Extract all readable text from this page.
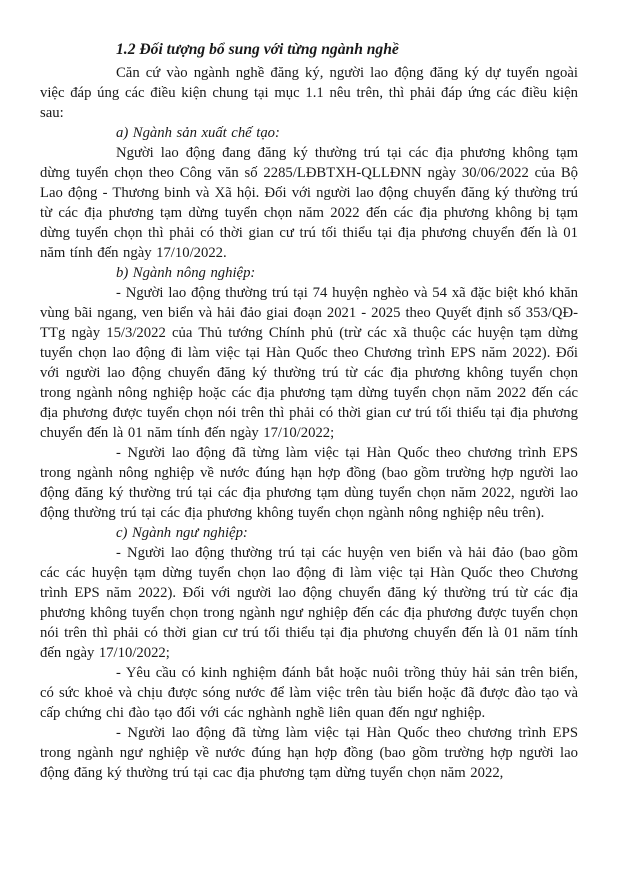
1.2 Đối tượng bổ sung với từng ngành nghề

Căn cứ vào ngành nghề đăng ký, người lao động đăng ký dự tuyển ngoài việc đáp úng các điều kiện chung tại mục 1.1 nêu trên, thì phải đáp ứng các điều kiện sau:

a) Ngành sản xuất chế tạo:

Người lao động đang đăng ký thường trú tại các địa phương không tạm dừng tuyển chọn theo Công văn số 2285/LĐBTXH-QLLĐNN ngày 30/06/2022 của Bộ Lao động - Thương binh và Xã hội. Đối với người lao động chuyển đăng ký thường trú từ các địa phương tạm dừng tuyển chọn năm 2022 đến các địa phương không bị tạm dừng tuyển chọn thì phải có thời gian cư trú tối thiểu tại địa phương chuyển đến là 01 năm tính đến ngày 17/10/2022.

b) Ngành nông nghiệp:

- Người lao động thường trú tại 74 huyện nghèo và 54 xã đặc biệt khó khăn vùng bãi ngang, ven biển và hải đảo giai đoạn 2021 - 2025 theo Quyết định số 353/QĐ-TTg ngày 15/3/2022 của Thủ tướng Chính phủ (trừ các xã thuộc các huyện tạm dừng tuyển chọn lao động đi làm việc tại Hàn Quốc theo Chương trình EPS năm 2022). Đối với người lao động chuyển đăng ký thường trú từ các địa phương không tuyển chọn trong ngành nông nghiệp hoặc các địa phương tạm dừng tuyển chọn năm 2022 đến các địa phương được tuyển chọn nói trên thì phải có thời gian cư trú tối thiểu tại địa phương chuyển đến là 01 năm tính đến ngày 17/10/2022;

- Người lao động đã từng làm việc tại Hàn Quốc theo chương trình EPS trong ngành nông nghiệp về nước đúng hạn hợp đồng (bao gồm trường hợp người lao động đăng ký thường trú tại các địa phương tạm dùng tuyển chọn năm 2022, người lao động thường trú tại các địa phương không tuyển chọn ngành nông nghiệp nêu trên).

c) Ngành ngư nghiệp:

- Người lao động thường trú tại các huyện ven biển và hải đảo (bao gồm các các huyện tạm dừng tuyển chọn lao động đi làm việc tại Hàn Quốc theo Chương trình EPS năm 2022). Đối với người lao động chuyển đăng ký thường trú từ các địa phương không tuyển chọn trong ngành ngư nghiệp đến các địa phương được tuyển chọn nói trên thì phải có thời gian cư trú tối thiểu tại địa phương chuyển đến là 01 năm tính đến ngày 17/10/2022;

- Yêu cầu có kinh nghiệm đánh bắt hoặc nuôi trồng thủy hải sản trên biển, có sức khoẻ và chịu được sóng nước để làm việc trên tàu biển hoặc đã được đào tạo và cấp chứng chi đào tạo đối với các nghành nghề liên quan đến ngư nghiệp.

- Người lao động đã từng làm việc tại Hàn Quốc theo chương trình EPS trong ngành ngư nghiệp về nước đúng hạn hợp đồng (bao gồm trường hợp người lao động đăng ký thường trú tại cac địa phương tạm dừng tuyển chọn năm 2022,
